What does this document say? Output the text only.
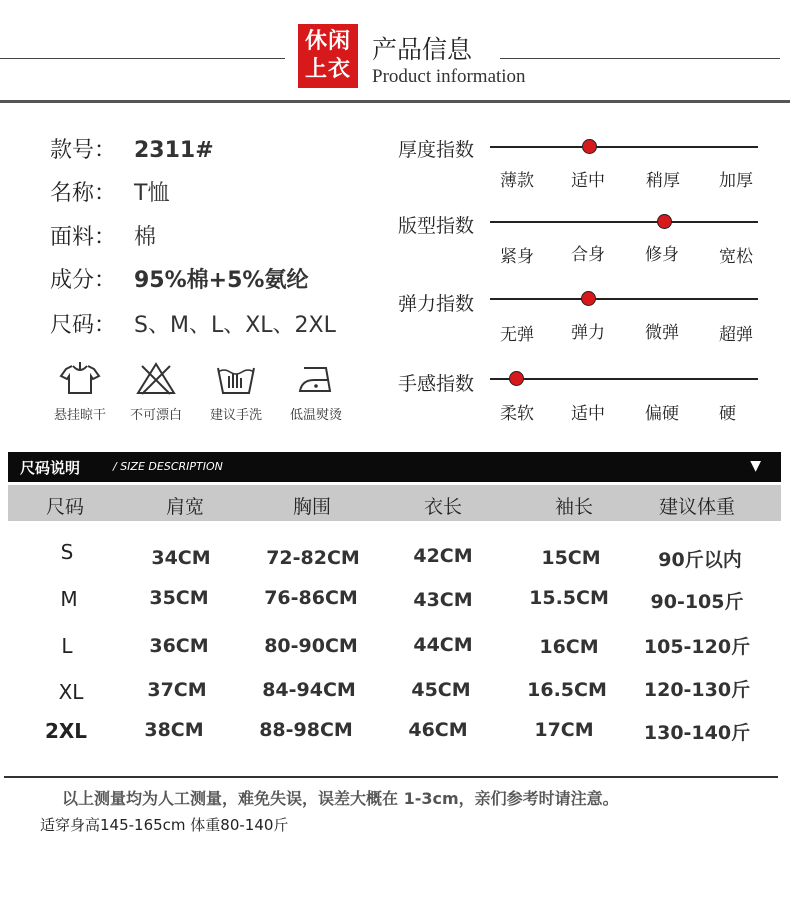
休闲
上衣
产品信息
Product information
款号： 2311#
名称： T恤
面料： 棉
成分： 95%棉+5%氨纶
尺码： S、M、L、XL、2XL
悬挂晾干	不可漂白	建议手洗	低温熨烫
厚度指数
薄款 适中 稍厚 加厚
版型指数
紧身 合身 修身 宽松
弹力指数
无弹 弹力 微弹 超弹
手感指数
柔软 适中 偏硬 硬
尺码说明	/ SIZE DESCRIPTION	▼
尺码	肩宽	胸围	衣长	袖长	建议体重
S	34CM	72-82CM	42CM	15CM	90斤以内
M	35CM	76-86CM	43CM	15.5CM	90-105斤
L	36CM	80-90CM	44CM	16CM	105-120斤
XL	37CM	84-94CM	45CM	16.5CM	120-130斤
2XL	38CM	88-98CM	46CM	17CM	130-140斤
以上测量均为人工测量，难免失误，误差大概在 1-3cm，亲们参考时请注意。
适穿身高145-165cm 体重80-140斤
